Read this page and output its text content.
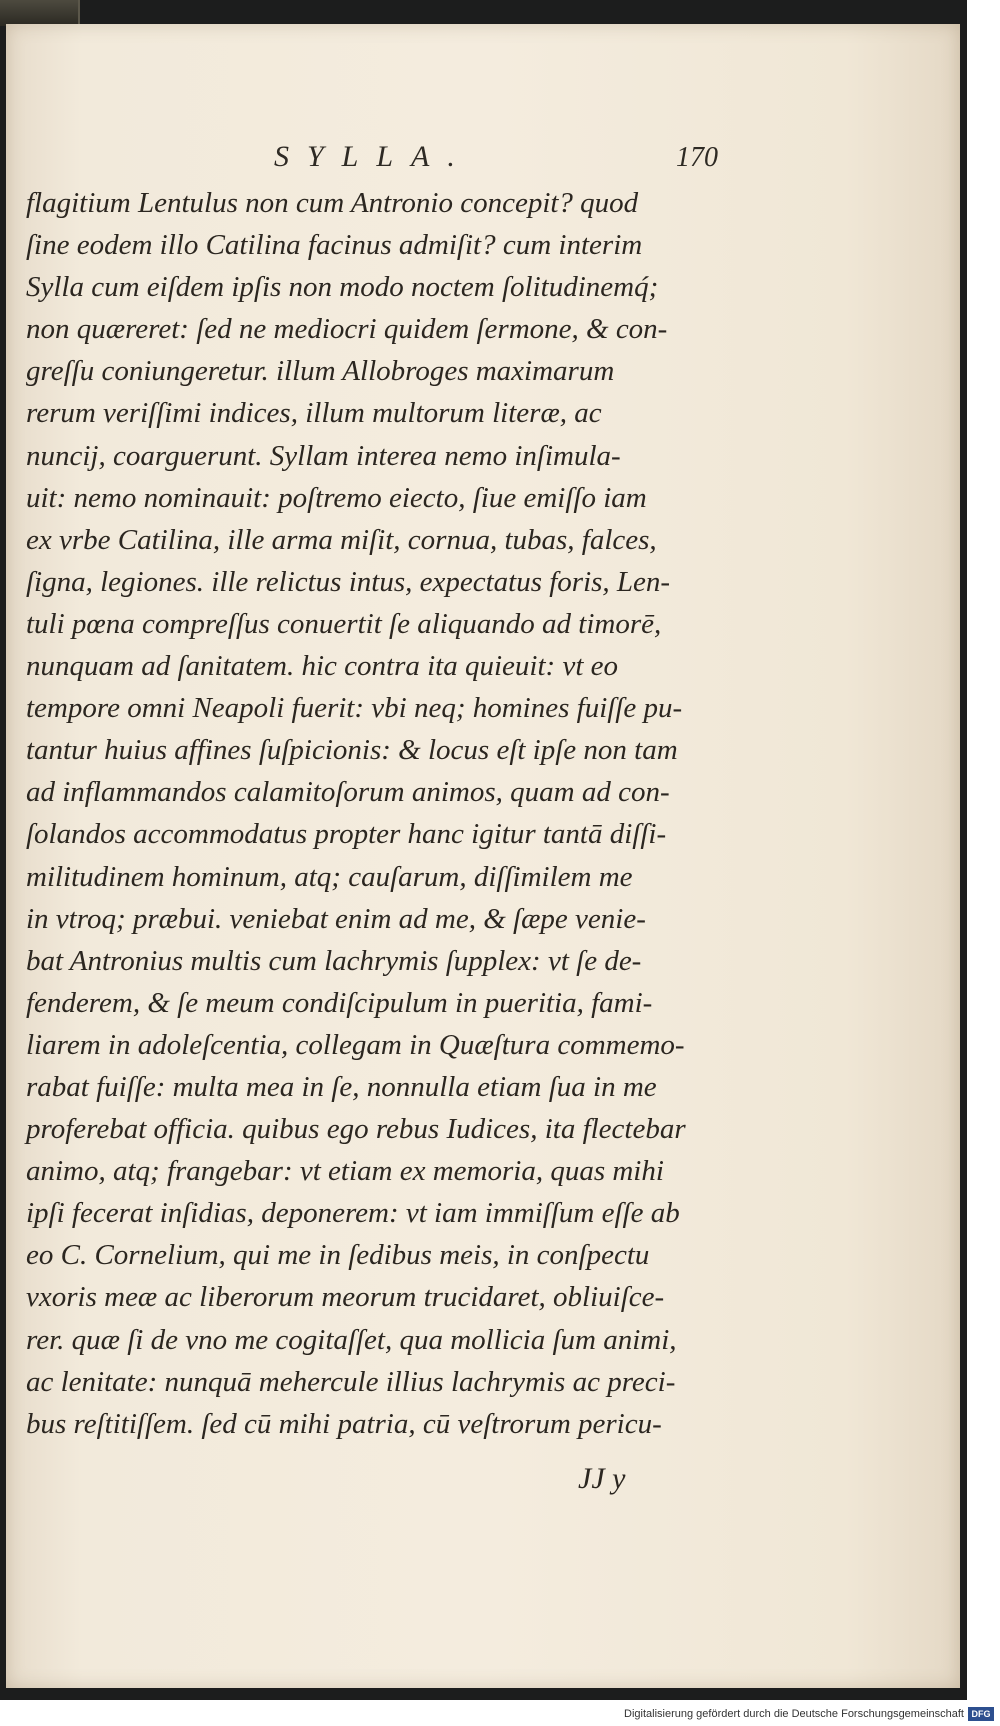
SYLLA.	170
flagitium Lentulus non cum Antronio concepit? quod
ſine eodem illo Catilina facinus admiſit? cum interim
Sylla cum eiſdem ipſis non modo noctem ſolitudinemq́;
non quæreret: ſed ne mediocri quidem ſermone, & con-
greſſu coniungeretur. illum Allobroges maximarum
rerum veriſſimi indices, illum multorum literæ, ac
nuncij, coarguerunt. Syllam interea nemo inſimula-
uit: nemo nominauit: poſtremo eiecto, ſiue emiſſo iam
ex vrbe Catilina, ille arma miſit, cornua, tubas, falces,
ſigna, legiones. ille relictus intus, expectatus foris, Len-
tuli pœna compreſſus conuertit ſe aliquando ad timorē,
nunquam ad ſanitatem. hic contra ita quieuit: vt eo
tempore omni Neapoli fuerit: vbi neq; homines fuiſſe pu-
tantur huius affines ſuſpicionis: & locus eſt ipſe non tam
ad inflammandos calamitoſorum animos, quam ad con-
ſolandos accommodatus propter hanc igitur tantā diſſi-
militudinem hominum, atq; cauſarum, diſſimilem me
in vtroq; præbui. veniebat enim ad me, & ſæpe venie-
bat Antronius multis cum lachrymis ſupplex: vt ſe de-
fenderem, & ſe meum condiſcipulum in pueritia, fami-
liarem in adoleſcentia, collegam in Quæſtura commemo-
rabat fuiſſe: multa mea in ſe, nonnulla etiam ſua in me
proferebat officia. quibus ego rebus Iudices, ita flectebar
animo, atq; frangebar: vt etiam ex memoria, quas mihi
ipſi fecerat inſidias, deponerem: vt iam immiſſum eſſe ab
eo C. Cornelium, qui me in ſedibus meis, in conſpectu
vxoris meæ ac liberorum meorum trucidaret, obliuiſce-
rer. quæ ſi de vno me cogitaſſet, qua mollicia ſum animi,
ac lenitate: nunquā mehercule illius lachrymis ac preci-
bus reſtitiſſem. ſed cū mihi patria, cū veſtrorum pericu-
JJ y
Digitalisierung gefördert durch die Deutsche Forschungsgemeinschaft DFG
